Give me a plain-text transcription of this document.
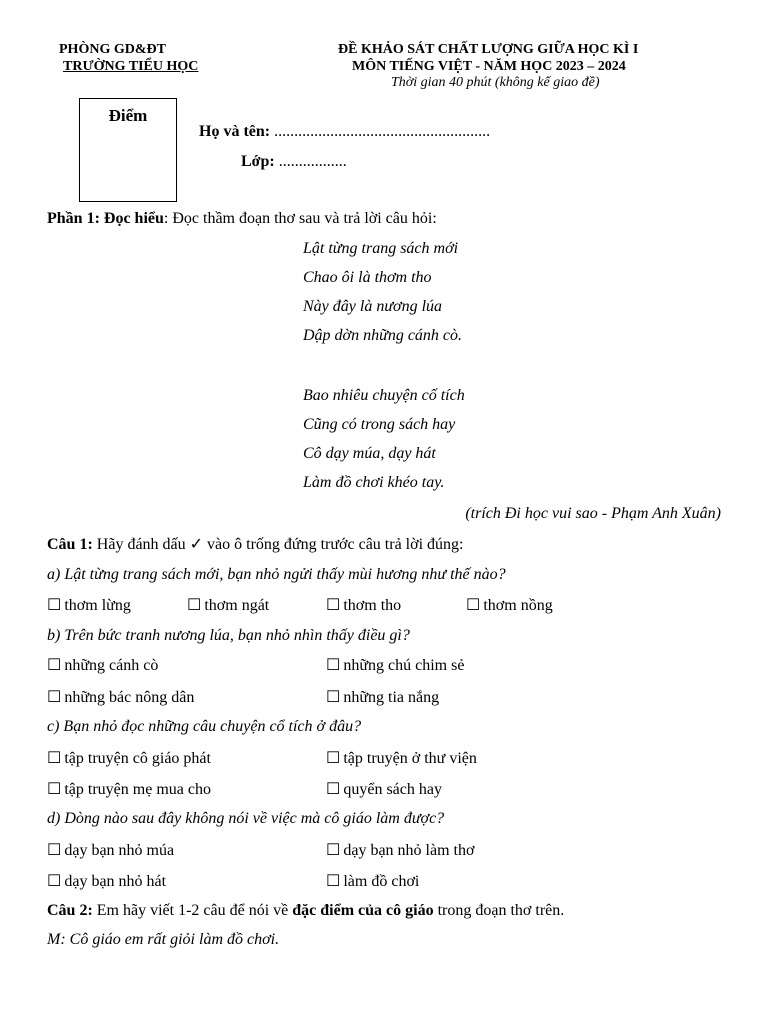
PHÒNG GD&ĐT
TRƯỜNG TIỂU HỌC
ĐỀ KHẢO SÁT CHẤT LƯỢNG GIỮA HỌC KÌ I
MÔN TIẾNG VIỆT - NĂM HỌC 2023 – 2024
Thời gian 40 phút (không kể giao đề)
Điểm
Họ và tên: ......................................................
Lớp: .................
Phần 1: Đọc hiểu: Đọc thầm đoạn thơ sau và trả lời câu hỏi:
Lật từng trang sách mới
Chao ôi là thơm tho
Này đây là nương lúa
Dập dờn những cánh cò.
Bao nhiêu chuyện cố tích
Cũng có trong sách hay
Cô dạy múa, dạy hát
Làm đồ chơi khéo tay.
(trích Đi học vui sao - Phạm Anh Xuân)
Câu 1: Hãy đánh dấu ✓ vào ô trống đứng trước câu trả lời đúng:
a) Lật từng trang sách mới, bạn nhỏ ngửi thấy mùi hương như thế nào?
☐ thơm lừng	☐ thơm ngát	☐ thơm tho	☐ thơm nồng
b) Trên bức tranh nương lúa, bạn nhỏ nhìn thấy điều gì?
☐ những cánh cò	☐ những chú chim sẻ
☐ những bác nông dân	☐ những tia nắng
c) Bạn nhỏ đọc những câu chuyện cổ tích ở đâu?
☐ tập truyện cô giáo phát	☐ tập truyện ở thư viện
☐ tập truyện mẹ mua cho	☐ quyển sách hay
d) Dòng nào sau đây không nói về việc mà cô giáo làm được?
☐ dạy bạn nhỏ múa	☐ dạy bạn nhỏ làm thơ
☐ dạy bạn nhỏ hát	☐ làm đồ chơi
Câu 2: Em hãy viết 1-2 câu để nói về đặc điểm của cô giáo trong đoạn thơ trên.
M: Cô giáo em rất giỏi làm đồ chơi.
